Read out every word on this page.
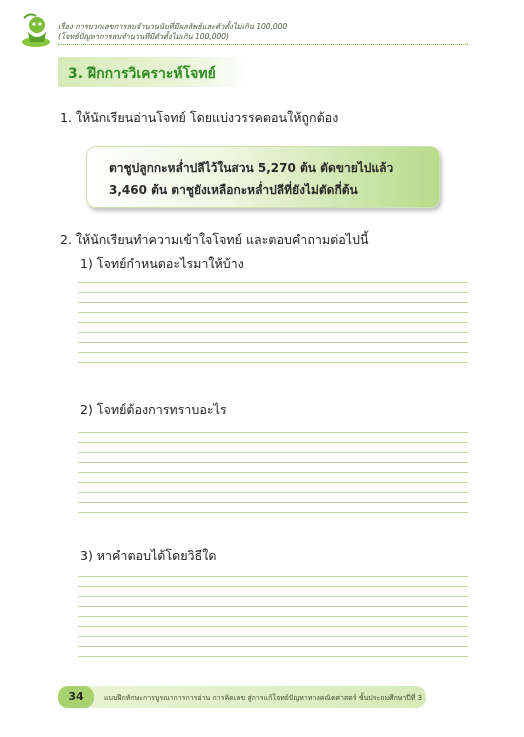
เรื่อง การบวกเลขการลบจำนวนนับที่มีผลลัพธ์และตัวตั้งไม่เกิน 100,000
(โจทย์ปัญหาการลบจำนวนที่มีตัวตั้งไม่เกิน 100,000)
3. ฝึกการวิเคราะห์โจทย์
1. ให้นักเรียนอ่านโจทย์ โดยแบ่งวรรคตอนให้ถูกต้อง
ตาชูปลูกกะหล่ำปลีไว้ในสวน 5,270 ต้น ตัดขายไปแล้ว
3,460 ต้น ตาชูยังเหลือกะหล่ำปลีที่ยังไม่ตัดกี่ต้น
2. ให้นักเรียนทำความเข้าใจโจทย์ และตอบคำถามต่อไปนี้
1) โจทย์กำหนดอะไรมาให้บ้าง
2) โจทย์ต้องการทราบอะไร
3) หาคำตอบได้โดยวิธีใด
34	แบบฝึกทักษะการบูรณาการการอ่าน การคิดเลข สู่การแก้โจทย์ปัญหาทางคณิตศาสตร์ ชั้นประถมศึกษาปีที่ 3
